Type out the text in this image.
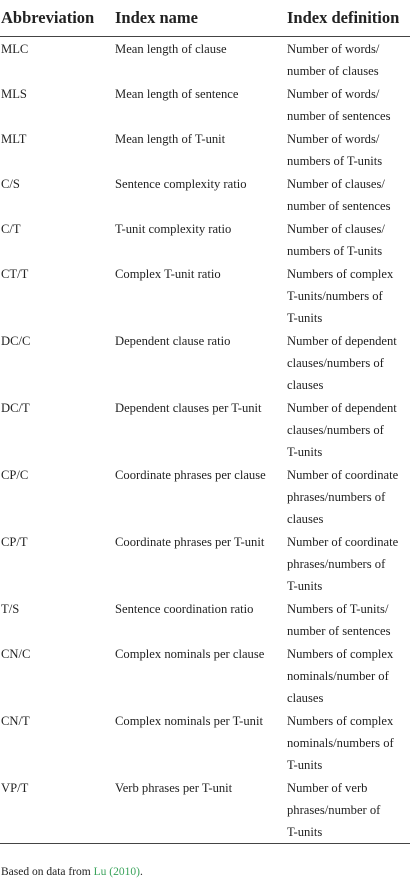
Abbreviation	Index name	Index definition
MLC	Mean length of clause	Number of words/
number of clauses

MLS	Mean length of sentence	Number of words/
number of sentences

MLT	Mean length of T-unit	Number of words/
numbers of T-units

C/S	Sentence complexity ratio	Number of clauses/
number of sentences

C/T	T-unit complexity ratio	Number of clauses/
numbers of T-units

CT/T	Complex T-unit ratio	Numbers of complex
T-units/numbers of
T-units

DC/C	Dependent clause ratio	Number of dependent
clauses/numbers of
clauses

DC/T	Dependent clauses per T-unit	Number of dependent
clauses/numbers of
T-units

CP/C	Coordinate phrases per clause	Number of coordinate
phrases/numbers of
clauses

CP/T	Coordinate phrases per T-unit	Number of coordinate
phrases/numbers of
T-units

T/S	Sentence coordination ratio	Numbers of T-units/
number of sentences

CN/C	Complex nominals per clause	Numbers of complex
nominals/number of
clauses

CN/T	Complex nominals per T-unit	Numbers of complex
nominals/numbers of
T-units

VP/T	Verb phrases per T-unit	Number of verb
phrases/number of
T-units
Based on data from Lu (2010).
